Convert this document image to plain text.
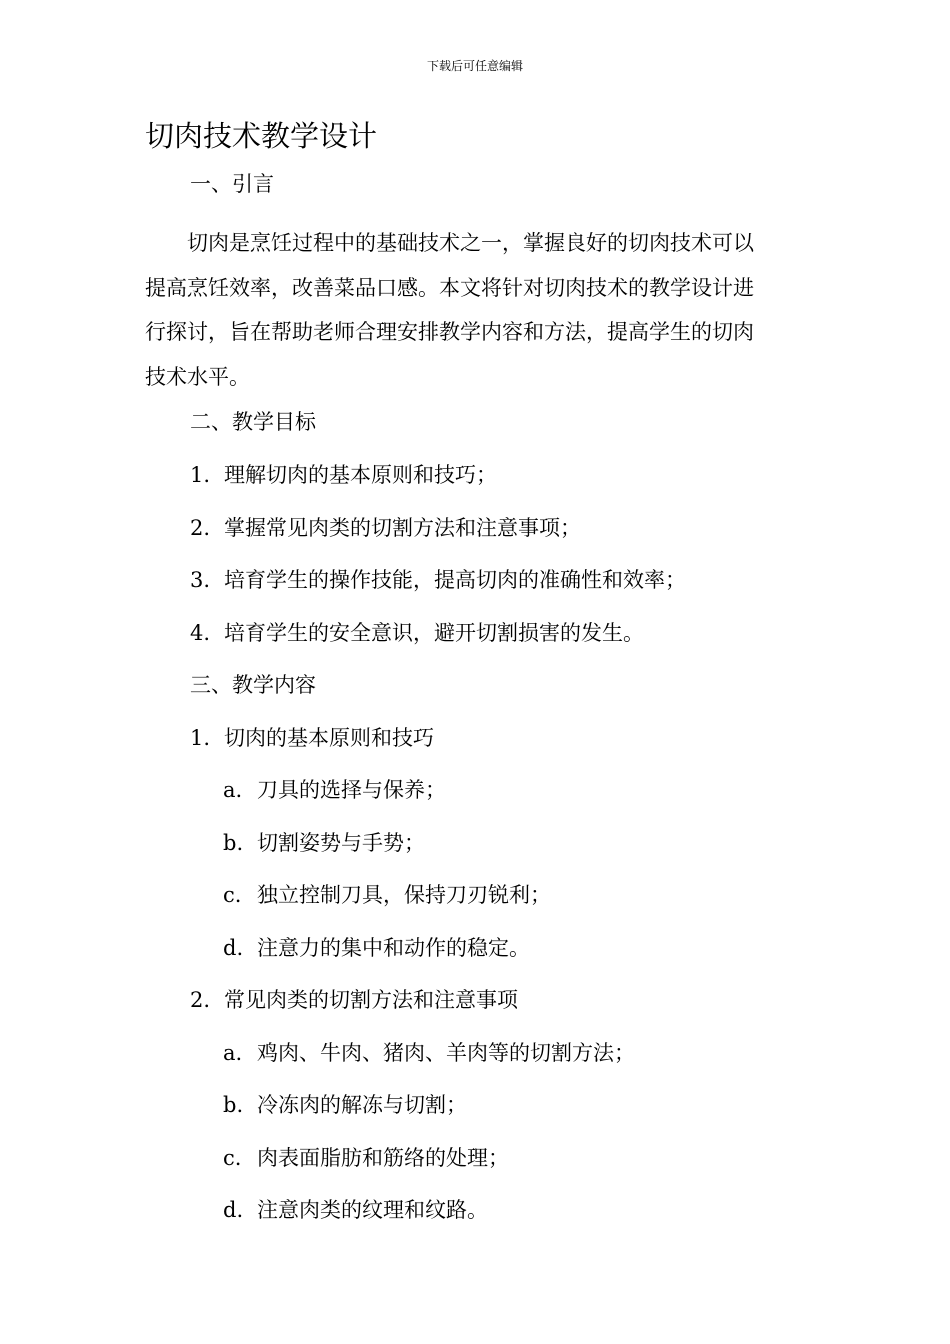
下载后可任意编辑
切肉技术教学设计
一、引言
　　切肉是烹饪过程中的基础技术之一，掌握良好的切肉技术可以
提高烹饪效率，改善菜品口感。本文将针对切肉技术的教学设计进
行探讨，旨在帮助老师合理安排教学内容和方法，提高学生的切肉
技术水平。
二、教学目标
1. 理解切肉的基本原则和技巧；
2. 掌握常见肉类的切割方法和注意事项；
3. 培育学生的操作技能，提高切肉的准确性和效率；
4. 培育学生的安全意识，避开切割损害的发生。
三、教学内容
1. 切肉的基本原则和技巧
a. 刀具的选择与保养；
b. 切割姿势与手势；
c. 独立控制刀具，保持刀刃锐利；
d. 注意力的集中和动作的稳定。
2. 常见肉类的切割方法和注意事项
a. 鸡肉、牛肉、猪肉、羊肉等的切割方法；
b. 冷冻肉的解冻与切割；
c. 肉表面脂肪和筋络的处理；
d. 注意肉类的纹理和纹路。
